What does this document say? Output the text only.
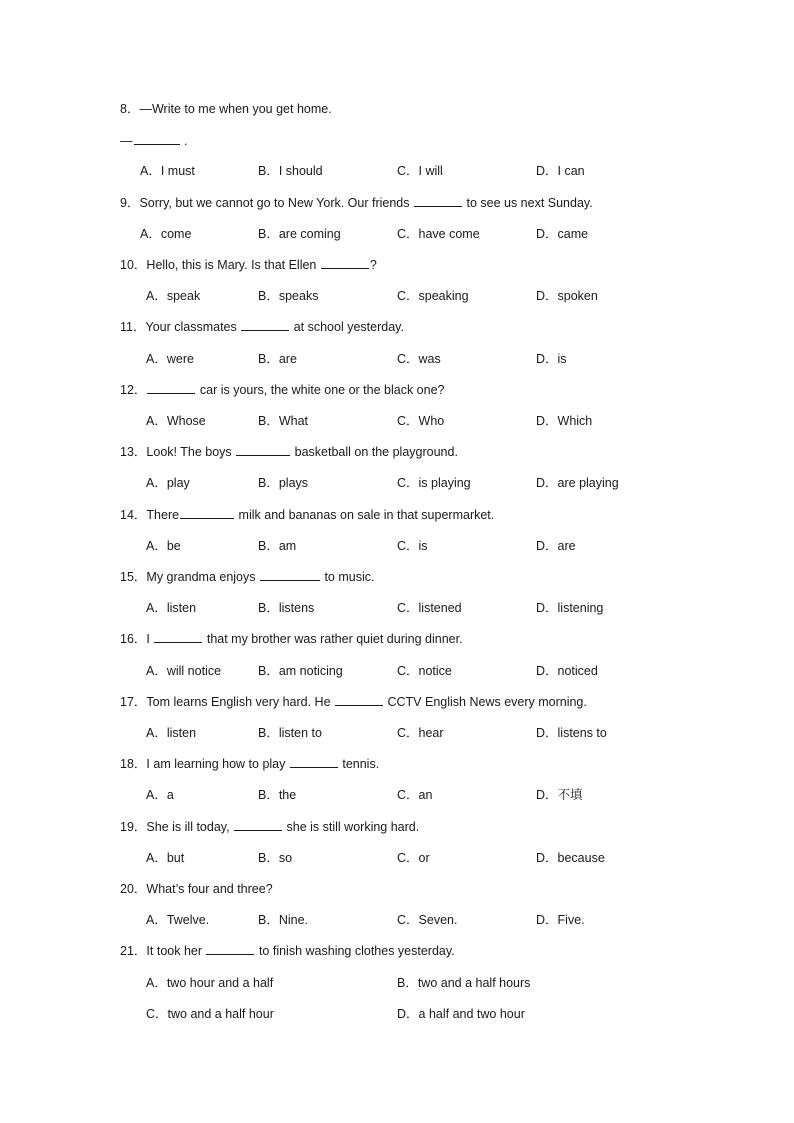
8．—Write to me when you get home.
—	.
A．I must	B．I should	C．I will	D．I can
9．Sorry, but we cannot go to New York. Our friends	to see us next Sunday.
A．come	B．are coming	C．have come	D．came
10．Hello, this is Mary. Is that Ellen	?
A．speak	B．speaks	C．speaking	D．spoken
11．Your classmates	at school yesterday.
A．were	B．are	C．was	D．is
12．	car is yours, the white one or the black one?
A．Whose	B．What	C．Who	D．Which
13．Look! The boys	basketball on the playground.
A．play	B．plays	C．is playing	D．are playing
14．There	milk and bananas on sale in that supermarket.
A．be	B．am	C．is	D．are
15．My grandma enjoys	to music.
A．listen	B．listens	C．listened	D．listening
16．I	that my brother was rather quiet during dinner.
A．will notice	B．am noticing	C．notice	D．noticed
17．Tom learns English very hard. He	CCTV English News every morning.
A．listen	B．listen to	C．hear	D．listens to
18．I am learning how to play	tennis.
A．a	B．the	C．an	D．不填
19．She is ill today,	she is still working hard.
A．but	B．so	C．or	D．because
20．What’s four and three?
A．Twelve.	B．Nine.	C．Seven.	D．Five.
21．It took her	to finish washing clothes yesterday.
A．two hour and a half	B．two and a half hours
C．two and a half hour	D．a half and two hour
